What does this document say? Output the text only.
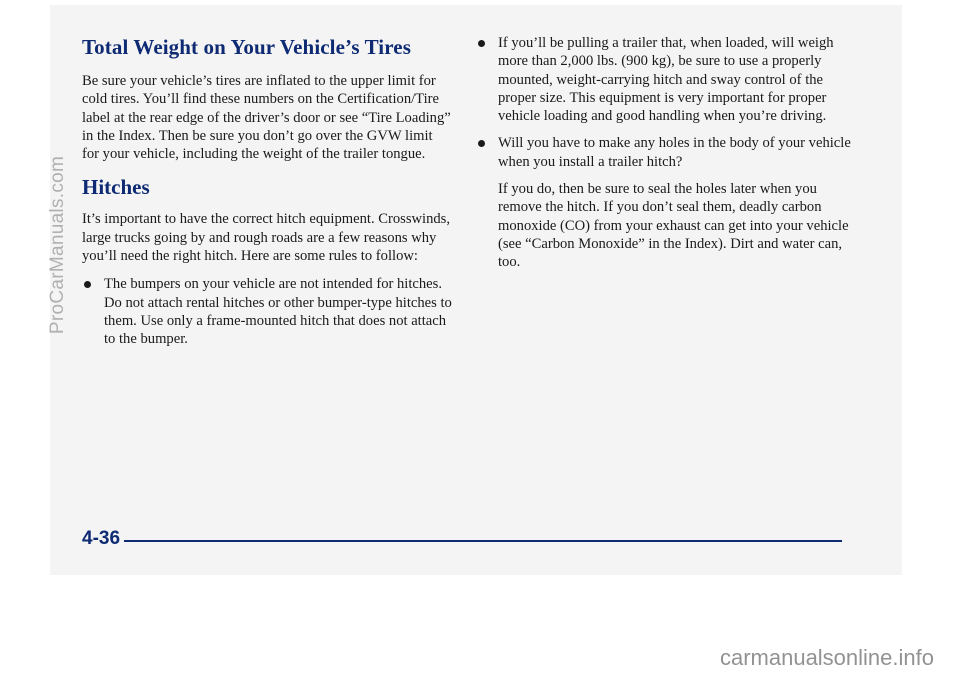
Total Weight on Your Vehicle’s Tires

Be sure your vehicle’s tires are inflated to the upper limit for cold tires. You’ll find these numbers on the Certification/Tire label at the rear edge of the driver’s door or see “Tire Loading” in the Index. Then be sure you don’t go over the GVW limit for your vehicle, including the weight of the trailer tongue.

Hitches

It’s important to have the correct hitch equipment. Crosswinds, large trucks going by and rough roads are a few reasons why you’ll need the right hitch. Here are some rules to follow:

The bumpers on your vehicle are not intended for hitches. Do not attach rental hitches or other bumper-type hitches to them. Use only a frame-mounted hitch that does not attach to the bumper.
If you’ll be pulling a trailer that, when loaded, will weigh more than 2,000 lbs. (900 kg), be sure to use a properly mounted, weight-carrying hitch and sway control of the proper size. This equipment is very important for proper vehicle loading and good handling when you’re driving.
Will you have to make any holes in the body of your vehicle when you install a trailer hitch?

If you do, then be sure to seal the holes later when you remove the hitch. If you don’t seal them, deadly carbon monoxide (CO) from your exhaust can get into your vehicle (see “Carbon Monoxide” in the Index). Dirt and water can, too.

4-36
ProCarManuals.com
carmanualsonline.info
